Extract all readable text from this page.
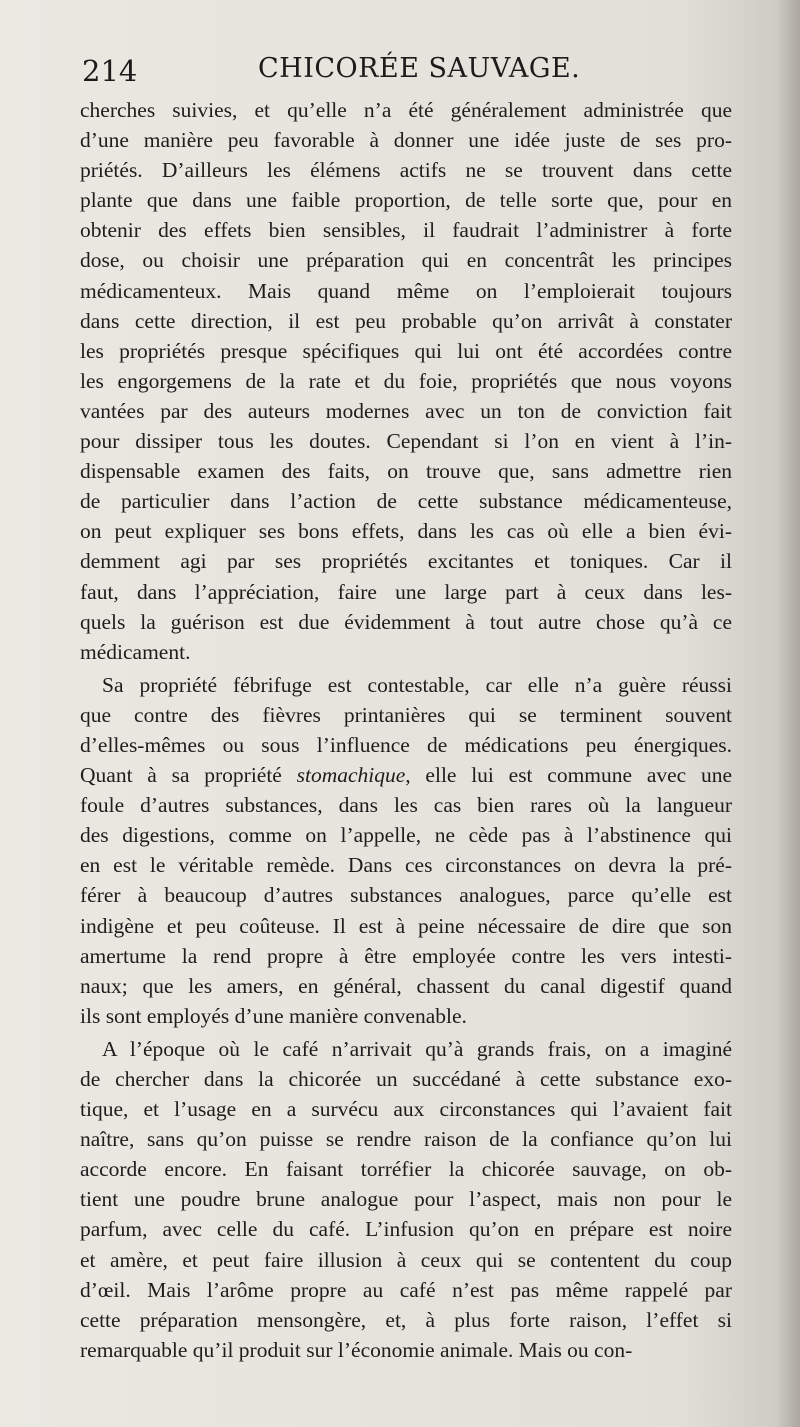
214	CHICORÉE SAUVAGE.
cherches suivies, et qu’elle n’a été généralement administrée que
d’une manière peu favorable à donner une idée juste de ses pro-
priétés. D’ailleurs les élémens actifs ne se trouvent dans cette
plante que dans une faible proportion, de telle sorte que, pour en
obtenir des effets bien sensibles, il faudrait l’administrer à forte
dose, ou choisir une préparation qui en concentrât les principes
médicamenteux. Mais quand même on l’emploierait toujours
dans cette direction, il est peu probable qu’on arrivât à constater
les propriétés presque spécifiques qui lui ont été accordées contre
les engorgemens de la rate et du foie, propriétés que nous voyons
vantées par des auteurs modernes avec un ton de conviction fait
pour dissiper tous les doutes. Cependant si l’on en vient à l’in-
dispensable examen des faits, on trouve que, sans admettre rien
de particulier dans l’action de cette substance médicamenteuse,
on peut expliquer ses bons effets, dans les cas où elle a bien évi-
demment agi par ses propriétés excitantes et toniques. Car il
faut, dans l’appréciation, faire une large part à ceux dans les-
quels la guérison est due évidemment à tout autre chose qu’à ce
médicament.
Sa propriété fébrifuge est contestable, car elle n’a guère réussi
que contre des fièvres printanières qui se terminent souvent
d’elles-mêmes ou sous l’influence de médications peu énergiques.
Quant à sa propriété stomachique, elle lui est commune avec une
foule d’autres substances, dans les cas bien rares où la langueur
des digestions, comme on l’appelle, ne cède pas à l’abstinence qui
en est le véritable remède. Dans ces circonstances on devra la pré-
férer à beaucoup d’autres substances analogues, parce qu’elle est
indigène et peu coûteuse. Il est à peine nécessaire de dire que son
amertume la rend propre à être employée contre les vers intesti-
naux; que les amers, en général, chassent du canal digestif quand
ils sont employés d’une manière convenable.
A l’époque où le café n’arrivait qu’à grands frais, on a imaginé
de chercher dans la chicorée un succédané à cette substance exo-
tique, et l’usage en a survécu aux circonstances qui l’avaient fait
naître, sans qu’on puisse se rendre raison de la confiance qu’on lui
accorde encore. En faisant torréfier la chicorée sauvage, on ob-
tient une poudre brune analogue pour l’aspect, mais non pour le
parfum, avec celle du café. L’infusion qu’on en prépare est noire
et amère, et peut faire illusion à ceux qui se contentent du coup
d’œil. Mais l’arôme propre au café n’est pas même rappelé par
cette préparation mensongère, et, à plus forte raison, l’effet si
remarquable qu’il produit sur l’économie animale. Mais ou con-
